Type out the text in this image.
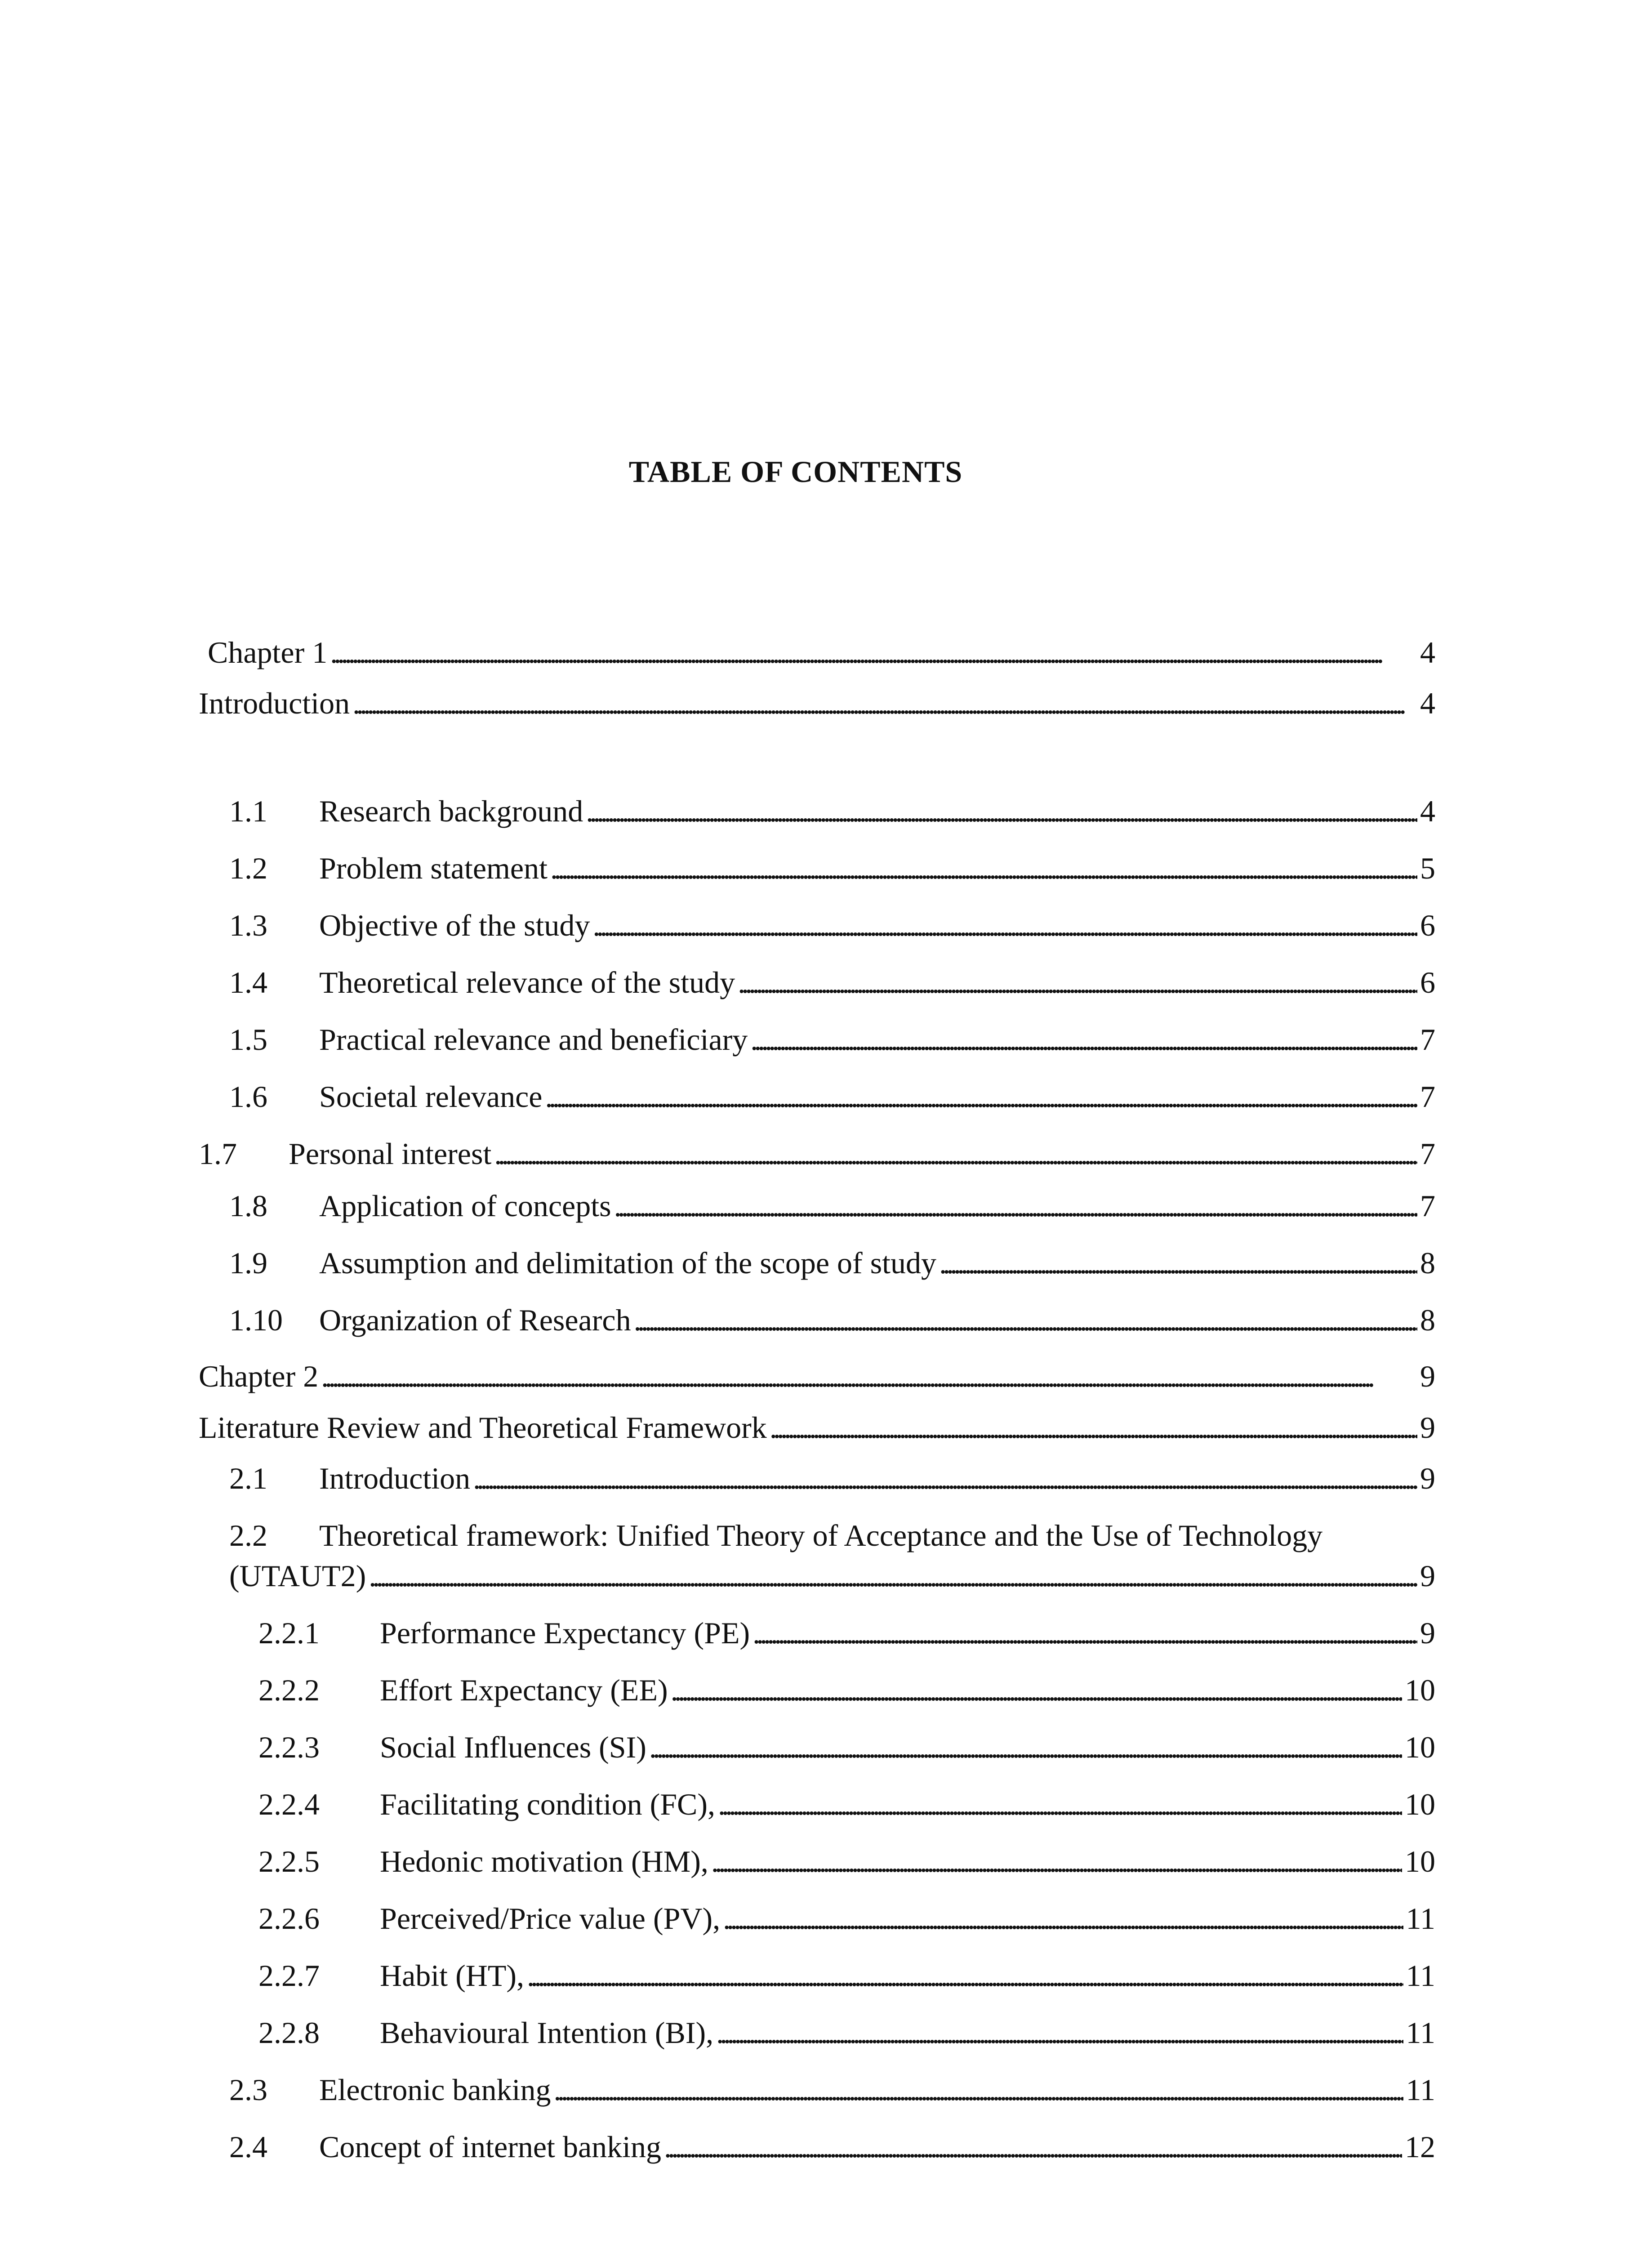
TABLE OF CONTENTS
Chapter 1 . . .	4
Introduction . . .	4
1.1	Research background . . .	4
1.2	Problem statement . . .	5
1.3	Objective of the study . . .	6
1.4	Theoretical relevance of the study . . .	6
1.5	Practical relevance and beneficiary . . .	7
1.6	Societal relevance . . .	7
1.7	Personal interest . . .	7
1.8	Application of concepts . . .	7
1.9	Assumption and delimitation of the scope of study . . .	8
1.10	Organization of Research . . .	8
Chapter 2 . . .	9
Literature Review and Theoretical Framework . . .	9
2.1	Introduction . . .	9
2.2 Theoretical framework: Unified Theory of Acceptance and the Use of Technology
(UTAUT2) . . .	9
2.2.1	Performance Expectancy (PE) . . .	9
2.2.2	Effort Expectancy (EE) . . .	10
2.2.3	Social Influences (SI) . . .	10
2.2.4	Facilitating condition (FC), . . .	10
2.2.5	Hedonic motivation (HM), . . .	10
2.2.6	Perceived/Price value (PV), . . .	11
2.2.7	Habit (HT), . . .	11
2.2.8	Behavioural Intention (BI), . . .	11
2.3	Electronic banking . . .	11
2.4	Concept of internet banking . . .	12
